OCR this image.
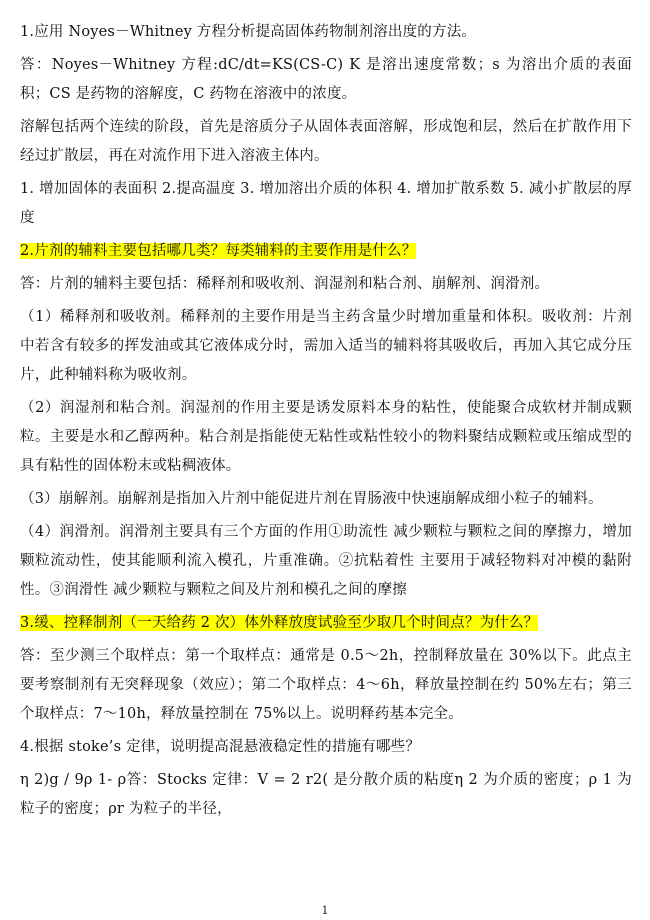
1.应用 Noyes－Whitney 方程分析提高固体药物制剂溶出度的方法。

答：Noyes－Whitney 方程:dC/dt=KS(CS-C) K 是溶出速度常数；s 为溶出介质的表面积；CS 是药物的溶解度，C 药物在溶液中的浓度。

溶解包括两个连续的阶段，首先是溶质分子从固体表面溶解，形成饱和层，然后在扩散作用下经过扩散层，再在对流作用下进入溶液主体内。

1. 增加固体的表面积 2.提高温度 3. 增加溶出介质的体积 4. 增加扩散系数 5. 减小扩散层的厚度

2.片剂的辅料主要包括哪几类？每类辅料的主要作用是什么？

答：片剂的辅料主要包括：稀释剂和吸收剂、润湿剂和粘合剂、崩解剂、润滑剂。

（1）稀释剂和吸收剂。稀释剂的主要作用是当主药含量少时增加重量和体积。吸收剂：片剂中若含有较多的挥发油或其它液体成分时，需加入适当的辅料将其吸收后，再加入其它成分压片，此种辅料称为吸收剂。

（2）润湿剂和粘合剂。润湿剂的作用主要是诱发原料本身的粘性，使能聚合成软材并制成颗粒。主要是水和乙醇两种。粘合剂是指能使无粘性或粘性较小的物料聚结成颗粒或压缩成型的具有粘性的固体粉末或粘稠液体。

（3）崩解剂。崩解剂是指加入片剂中能促进片剂在胃肠液中快速崩解成细小粒子的辅料。

（4）润滑剂。润滑剂主要具有三个方面的作用①助流性 减少颗粒与颗粒之间的摩擦力，增加颗粒流动性，使其能顺利流入模孔，片重准确。②抗粘着性 主要用于减轻物料对冲模的黏附性。③润滑性 减少颗粒与颗粒之间及片剂和模孔之间的摩擦

3.缓、控释制剂（一天给药 2 次）体外释放度试验至少取几个时间点？为什么？

答：至少测三个取样点：第一个取样点：通常是 0.5～2h，控制释放量在 30%以下。此点主要考察制剂有无突释现象（效应）；第二个取样点：4～6h，释放量控制在约 50%左右；第三个取样点：7～10h，释放量控制在 75%以上。说明释药基本完全。

4.根据 stoke’s 定律，说明提高混悬液稳定性的措施有哪些？

η 2)g / 9ρ 1- ρ答：Stocks 定律：V = 2 r2( 是分散介质的粘度η 2 为介质的密度；ρ 1 为粒子的密度；ρr 为粒子的半径，

1
